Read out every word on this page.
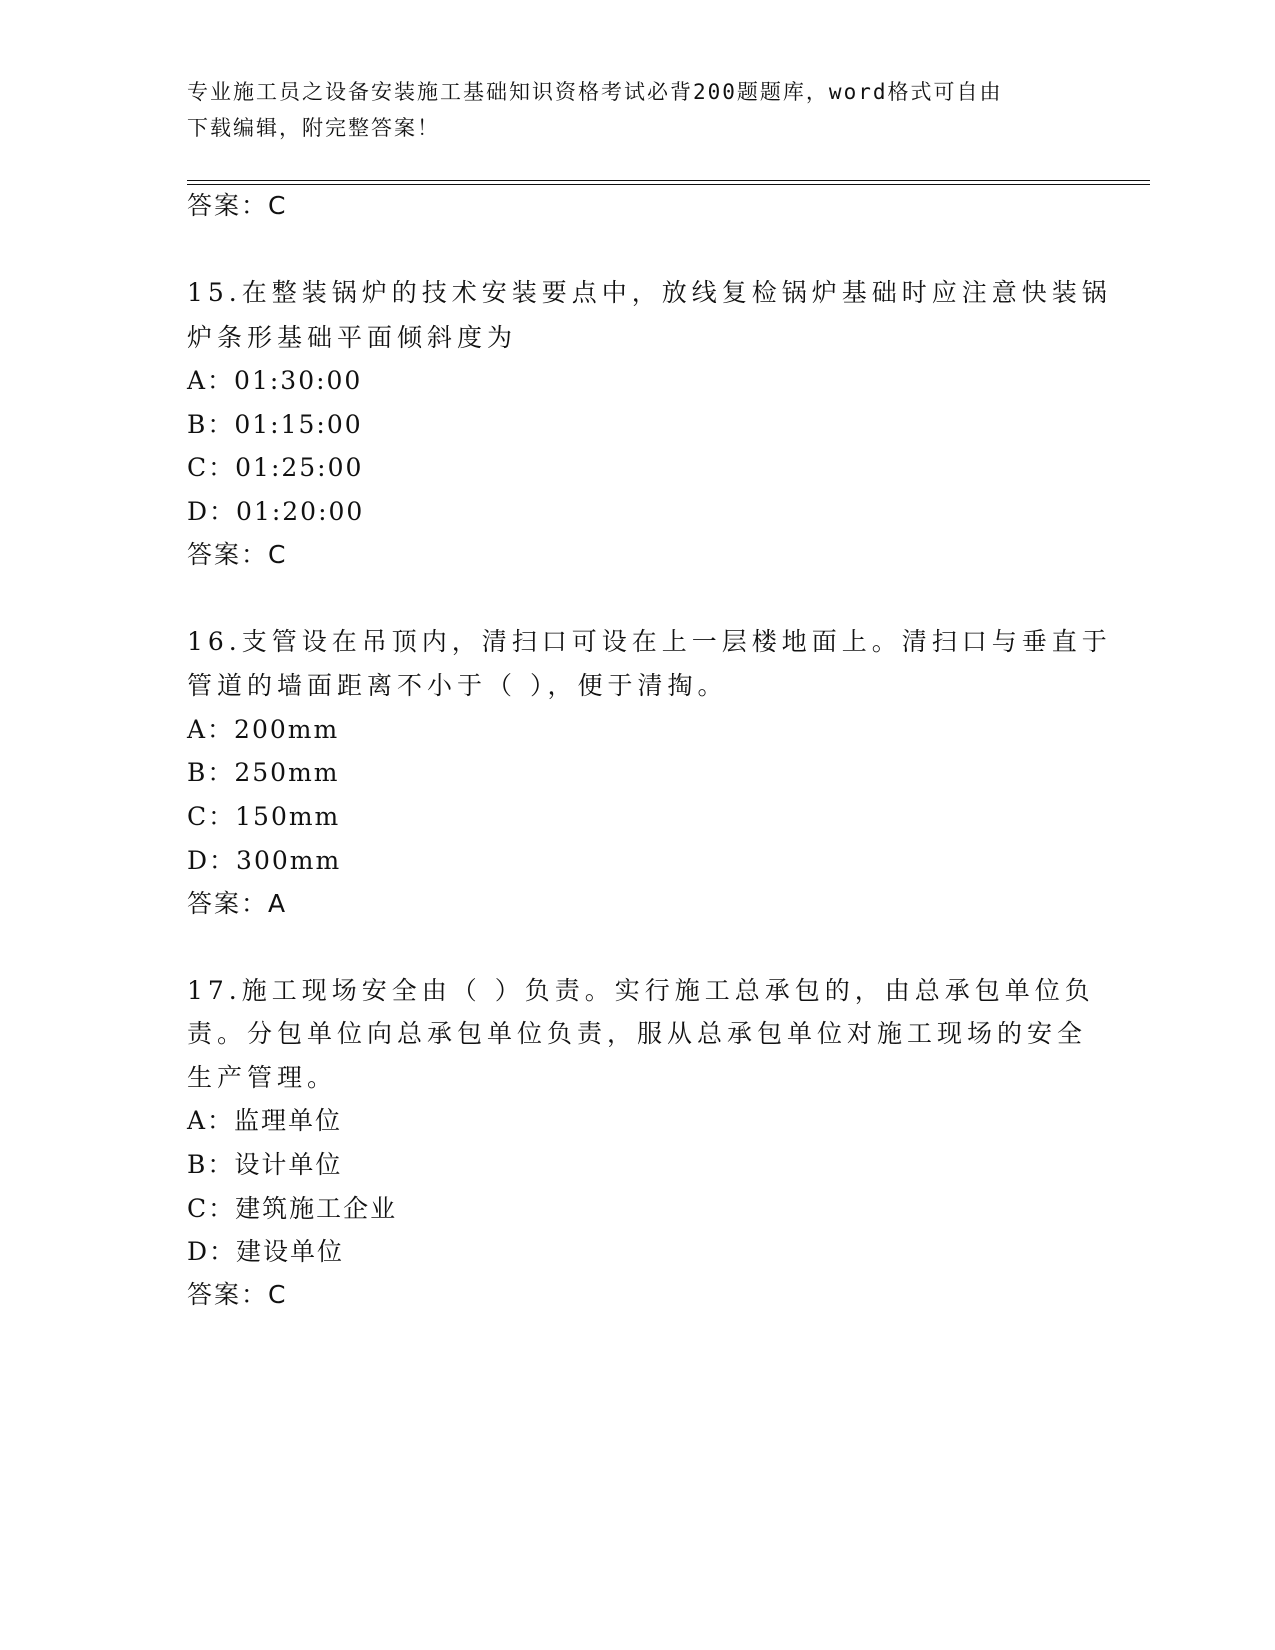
专业施工员之设备安装施工基础知识资格考试必背200题题库，word格式可自由
下载编辑，附完整答案！
答案：C
15.在整装锅炉的技术安装要点中，放线复检锅炉基础时应注意快装锅
炉条形基础平面倾斜度为
A：01:30:00
B：01:15:00
C：01:25:00
D：01:20:00
答案：C
16.支管设在吊顶内，清扫口可设在上一层楼地面上。清扫口与垂直于
管道的墙面距离不小于（ ），便于清掏。
A：200mm
B：250mm
C：150mm
D：300mm
答案：A
17.施工现场安全由（ ）负责。实行施工总承包的，由总承包单位负
责。分包单位向总承包单位负责，服从总承包单位对施工现场的安全
生产管理。
A：监理单位
B：设计单位
C：建筑施工企业
D：建设单位
答案：C
